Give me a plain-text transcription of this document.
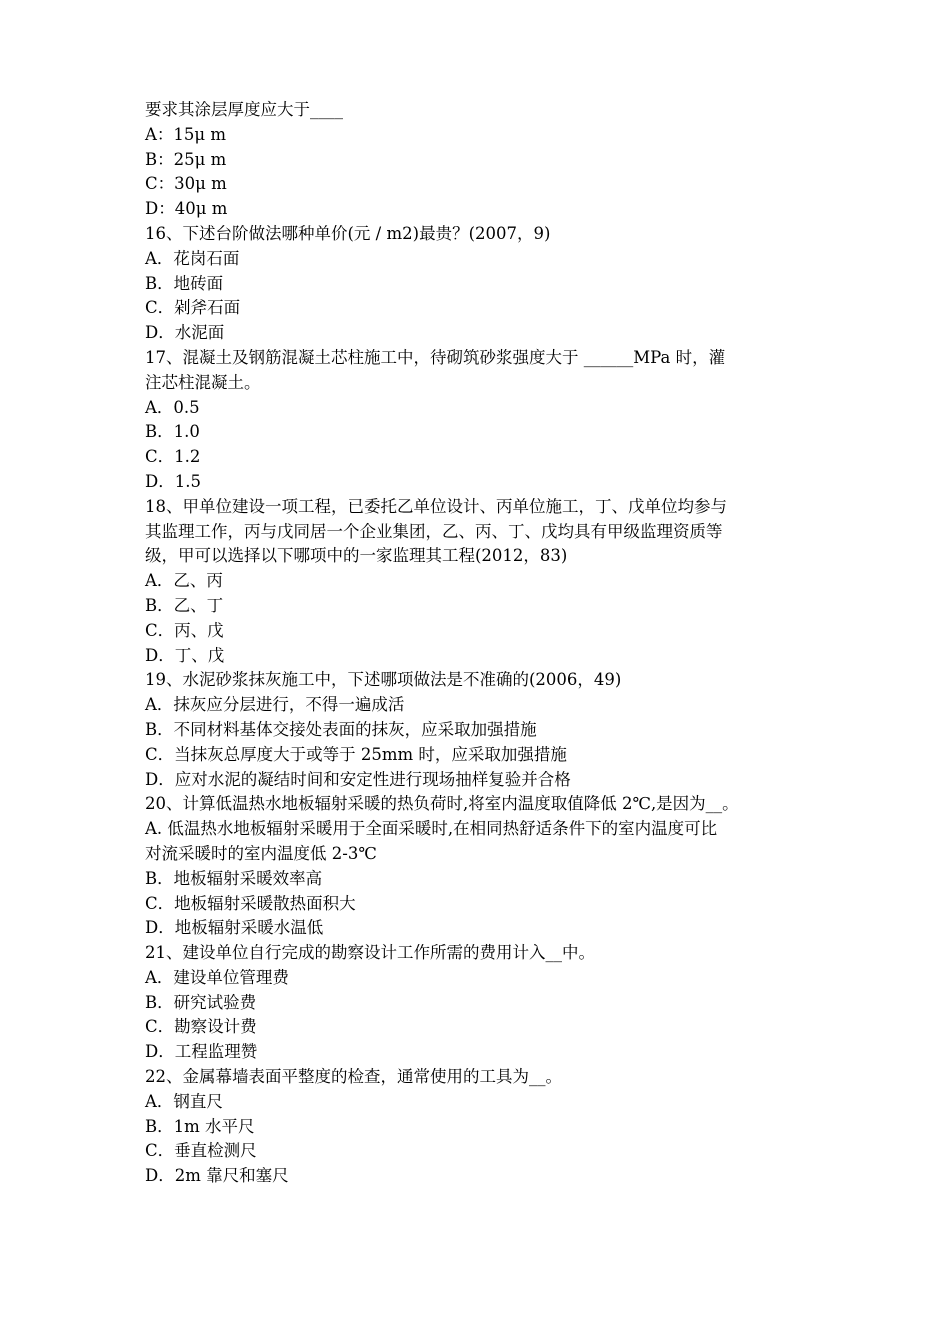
要求其涂层厚度应大于____
A：15μ m
B：25μ m
C：30μ m
D：40μ m
16、下述台阶做法哪种单价(元 / m2)最贵？(2007，9)
A．花岗石面
B．地砖面
C．剁斧石面
D．水泥面
17、混凝土及钢筋混凝土芯柱施工中，待砌筑砂浆强度大于 ______MPa 时，灌
注芯柱混凝土。
A．0.5
B．1.0
C．1.2
D．1.5
18、甲单位建设一项工程，已委托乙单位设计、丙单位施工，丁、戊单位均参与
其监理工作，丙与戊同居一个企业集团，乙、丙、丁、戊均具有甲级监理资质等
级，甲可以选择以下哪项中的一家监理其工程(2012，83)
A．乙、丙
B．乙、丁
C．丙、戊
D．丁、戊
19、水泥砂浆抹灰施工中，下述哪项做法是不准确的(2006，49)
A．抹灰应分层进行，不得一遍成活
B．不同材料基体交接处表面的抹灰，应采取加强措施
C．当抹灰总厚度大于或等于 25mm 时，应采取加强措施
D．应对水泥的凝结时间和安定性进行现场抽样复验并合格
20、计算低温热水地板辐射采暖的热负荷时,将室内温度取值降低 2℃,是因为__。
A. 低温热水地板辐射采暖用于全面采暖时,在相同热舒适条件下的室内温度可比
对流采暖时的室内温度低 2-3℃
B．地板辐射采暖效率高
C．地板辐射采暖散热面积大
D．地板辐射采暖水温低
21、建设单位自行完成的勘察设计工作所需的费用计入__中。
A．建设单位管理费
B．研究试验费
C．勘察设计费
D．工程监理赞
22、金属幕墙表面平整度的检查，通常使用的工具为__。
A．钢直尺
B．1m 水平尺
C．垂直检测尺
D．2m 靠尺和塞尺
